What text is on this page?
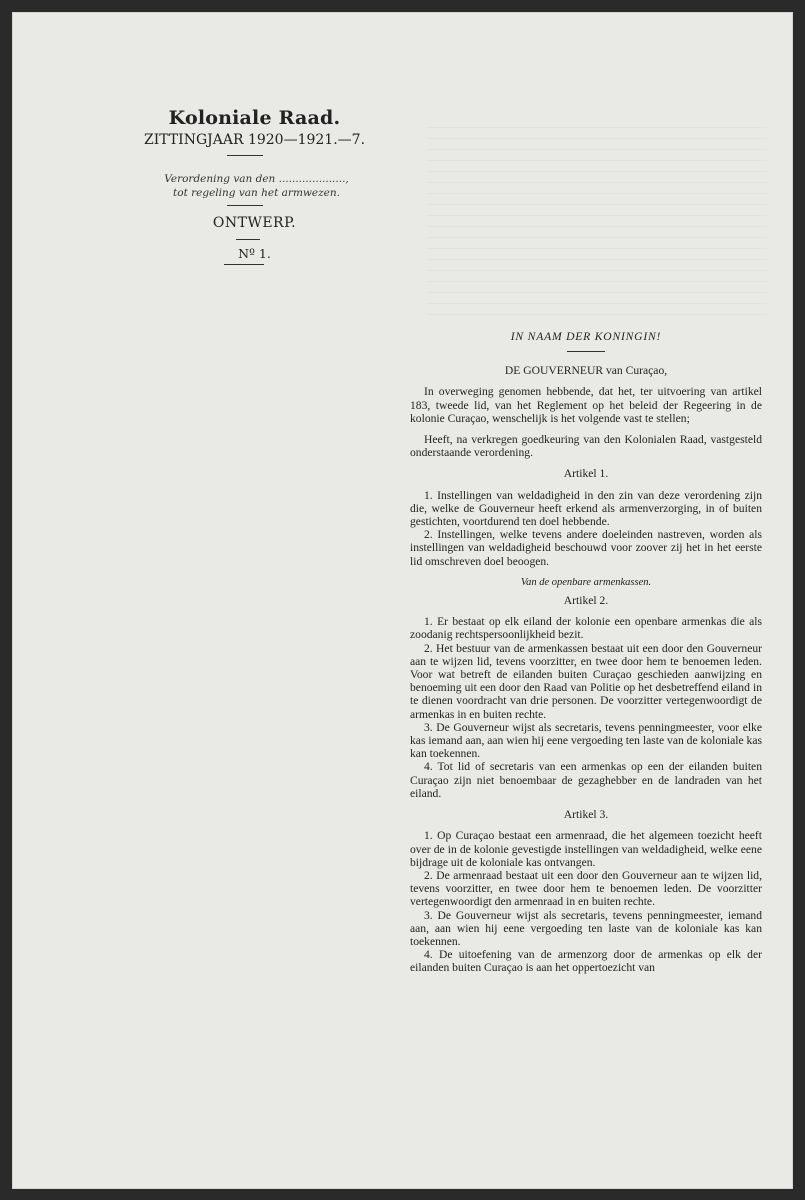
Koloniale Raad.
ZITTINGJAAR 1920—1921.—7.
Verordening van den ....................,
tot regeling van het armwezen.
ONTWERP.
Nº 1.
IN NAAM DER KONINGIN!
DE GOUVERNEUR van Curaçao,

In overweging genomen hebbende, dat het, ter uitvoering van artikel 183, tweede lid, van het Reglement op het beleid der Regeering in de kolonie Curaçao, wenschelijk is het volgende vast te stellen;

Heeft, na verkregen goedkeuring van den Kolonialen Raad, vastgesteld onderstaande verordening.

Artikel 1.

1. Instellingen van weldadigheid in den zin van deze verordening zijn die, welke de Gouverneur heeft erkend als armenverzorging, in of buiten gestichten, voortdurend ten doel hebbende.

2. Instellingen, welke tevens andere doeleinden nastreven, worden als instellingen van weldadigheid beschouwd voor zoover zij het in het eerste lid omschreven doel beoogen.

Van de openbare armenkassen.
Artikel 2.

1. Er bestaat op elk eiland der kolonie een openbare armenkas die als zoodanig rechtspersoonlijkheid bezit.

2. Het bestuur van de armenkassen bestaat uit een door den Gouverneur aan te wijzen lid, tevens voorzitter, en twee door hem te benoemen leden. Voor wat betreft de eilanden buiten Curaçao geschieden aanwijzing en benoeming uit een door den Raad van Politie op het desbetreffend eiland in te dienen voordracht van drie personen. De voorzitter vertegenwoordigt de armenkas in en buiten rechte.

3. De Gouverneur wijst als secretaris, tevens penningmeester, voor elke kas iemand aan, aan wien hij eene vergoeding ten laste van de koloniale kas kan toekennen.

4. Tot lid of secretaris van een armenkas op een der eilanden buiten Curaçao zijn niet benoembaar de gezaghebber en de landraden van het eiland.

Artikel 3.

1. Op Curaçao bestaat een armenraad, die het algemeen toezicht heeft over de in de kolonie gevestigde instellingen van weldadigheid, welke eene bijdrage uit de koloniale kas ontvangen.

2. De armenraad bestaat uit een door den Gouverneur aan te wijzen lid, tevens voorzitter, en twee door hem te benoemen leden. De voorzitter vertegenwoordigt den armenraad in en buiten rechte.

3. De Gouverneur wijst als secretaris, tevens penningmeester, iemand aan, aan wien hij eene vergoeding ten laste van de koloniale kas kan toekennen.

4. De uitoefening van de armenzorg door de armenkas op elk der eilanden buiten Curaçao is aan het oppertoezicht van
